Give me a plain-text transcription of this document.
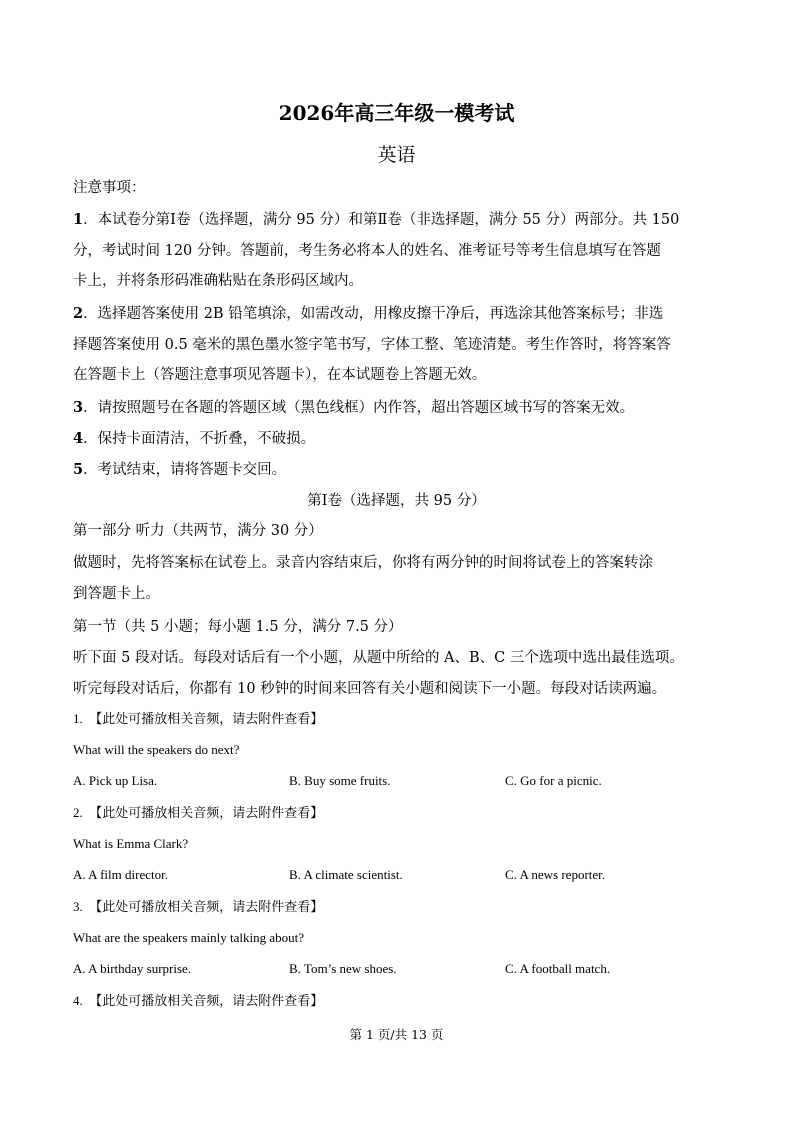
2026年高三年级一模考试
英语
注意事项：
1．本试卷分第Ⅰ卷（选择题，满分 95 分）和第Ⅱ卷（非选择题，满分 55 分）两部分。共 150
分，考试时间 120 分钟。答题前，考生务必将本人的姓名、准考证号等考生信息填写在答题
卡上，并将条形码准确粘贴在条形码区域内。
2．选择题答案使用 2B 铅笔填涂，如需改动，用橡皮擦干净后，再选涂其他答案标号；非选
择题答案使用 0.5 毫米的黑色墨水签字笔书写，字体工整、笔迹清楚。考生作答时，将答案答
在答题卡上（答题注意事项见答题卡），在本试题卷上答题无效。
3．请按照题号在各题的答题区域（黑色线框）内作答，超出答题区域书写的答案无效。
4．保持卡面清洁，不折叠，不破损。
5．考试结束，请将答题卡交回。
第Ⅰ卷（选择题，共 95 分）
第一部分 听力（共两节，满分 30 分）
做题时，先将答案标在试卷上。录音内容结束后，你将有两分钟的时间将试卷上的答案转涂
到答题卡上。
第一节（共 5 小题；每小题 1.5 分，满分 7.5 分）
听下面 5 段对话。每段对话后有一个小题，从题中所给的 A、B、C 三个选项中选出最佳选项。
听完每段对话后，你都有 10 秒钟的时间来回答有关小题和阅读下一小题。每段对话读两遍。
1. 【此处可播放相关音频，请去附件查看】
What will the speakers do next?
A. Pick up Lisa.	B. Buy some fruits.	C. Go for a picnic.
2. 【此处可播放相关音频，请去附件查看】
What is Emma Clark?
A. A film director.	B. A climate scientist.	C. A news reporter.
3. 【此处可播放相关音频，请去附件查看】
What are the speakers mainly talking about?
A. A birthday surprise.	B. Tom’s new shoes.	C. A football match.
4. 【此处可播放相关音频，请去附件查看】
第 1 页/共 13 页
